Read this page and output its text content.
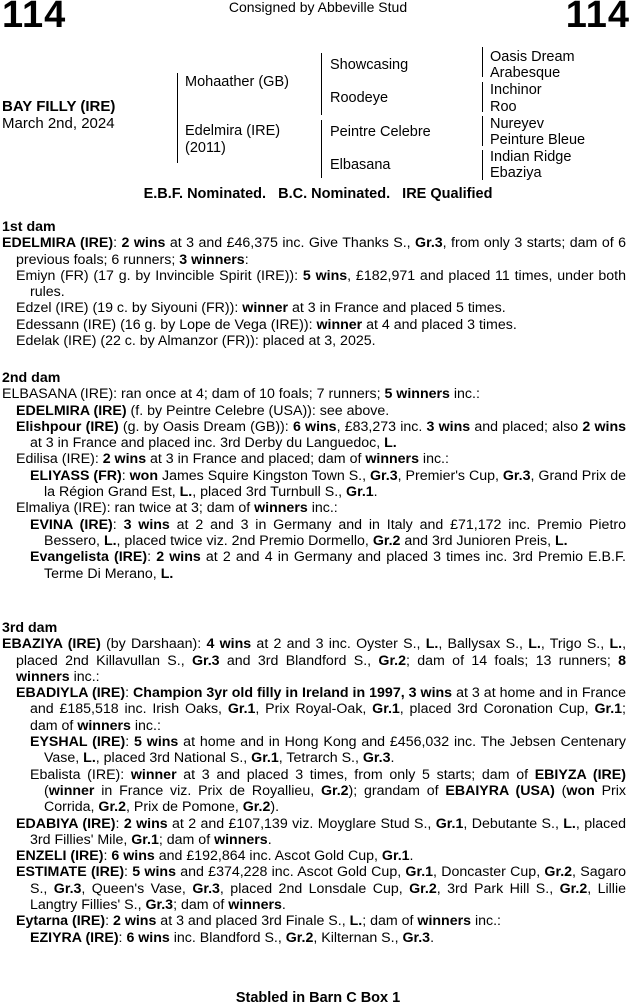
114	Consigned by Abbeville Stud	114
BAY FILLY (IRE)
March 2nd, 2024
Mohaather (GB)
Edelmira (IRE)
(2011)
Showcasing
Roodeye
Peintre Celebre
Elbasana
Oasis Dream
Arabesque
Inchinor
Roo
Nureyev
Peinture Bleue
Indian Ridge
Ebaziya
E.B.F. Nominated.   B.C. Nominated.   IRE Qualified

1st dam

EDELMIRA (IRE): 2 wins at 3 and £46,375 inc. Give Thanks S., Gr.3, from only 3 starts; dam of 6 previous foals; 6 runners; 3 winners:

Emiyn (FR) (17 g. by Invincible Spirit (IRE)): 5 wins, £182,971 and placed 11 times, under both rules.

Edzel (IRE) (19 c. by Siyouni (FR)): winner at 3 in France and placed 5 times.

Edessann (IRE) (16 g. by Lope de Vega (IRE)): winner at 4 and placed 3 times.

Edelak (IRE) (22 c. by Almanzor (FR)): placed at 3, 2025.

2nd dam

ELBASANA (IRE): ran once at 4; dam of 10 foals; 7 runners; 5 winners inc.:

EDELMIRA (IRE) (f. by Peintre Celebre (USA)): see above.

Elishpour (IRE) (g. by Oasis Dream (GB)): 6 wins, £83,273 inc. 3 wins and placed; also 2 wins at 3 in France and placed inc. 3rd Derby du Languedoc, L.

Edilisa (IRE): 2 wins at 3 in France and placed; dam of winners inc.:

ELIYASS (FR): won James Squire Kingston Town S., Gr.3, Premier's Cup, Gr.3, Grand Prix de la Région Grand Est, L., placed 3rd Turnbull S., Gr.1.

Elmaliya (IRE): ran twice at 3; dam of winners inc.:

EVINA (IRE): 3 wins at 2 and 3 in Germany and in Italy and £71,172 inc. Premio Pietro Bessero, L., placed twice viz. 2nd Premio Dormello, Gr.2 and 3rd Junioren Preis, L.

Evangelista (IRE): 2 wins at 2 and 4 in Germany and placed 3 times inc. 3rd Premio E.B.F. Terme Di Merano, L.

3rd dam

EBAZIYA (IRE) (by Darshaan): 4 wins at 2 and 3 inc. Oyster S., L., Ballysax S., L., Trigo S., L., placed 2nd Killavullan S., Gr.3 and 3rd Blandford S., Gr.2; dam of 14 foals; 13 runners; 8 winners inc.:

EBADIYLA (IRE): Champion 3yr old filly in Ireland in 1997, 3 wins at 3 at home and in France and £185,518 inc. Irish Oaks, Gr.1, Prix Royal-Oak, Gr.1, placed 3rd Coronation Cup, Gr.1; dam of winners inc.:

EYSHAL (IRE): 5 wins at home and in Hong Kong and £456,032 inc. The Jebsen Centenary Vase, L., placed 3rd National S., Gr.1, Tetrarch S., Gr.3.

Ebalista (IRE): winner at 3 and placed 3 times, from only 5 starts; dam of EBIYZA (IRE) (winner in France viz. Prix de Royallieu, Gr.2); grandam of EBAIYRA (USA) (won Prix Corrida, Gr.2, Prix de Pomone, Gr.2).

EDABIYA (IRE): 2 wins at 2 and £107,139 viz. Moyglare Stud S., Gr.1, Debutante S., L., placed 3rd Fillies' Mile, Gr.1; dam of winners.

ENZELI (IRE): 6 wins and £192,864 inc. Ascot Gold Cup, Gr.1.

ESTIMATE (IRE): 5 wins and £374,228 inc. Ascot Gold Cup, Gr.1, Doncaster Cup, Gr.2, Sagaro S., Gr.3, Queen's Vase, Gr.3, placed 2nd Lonsdale Cup, Gr.2, 3rd Park Hill S., Gr.2, Lillie Langtry Fillies' S., Gr.3; dam of winners.

Eytarna (IRE): 2 wins at 3 and placed 3rd Finale S., L.; dam of winners inc.:

EZIYRA (IRE): 6 wins inc. Blandford S., Gr.2, Kilternan S., Gr.3.

Stabled in Barn C Box 1
